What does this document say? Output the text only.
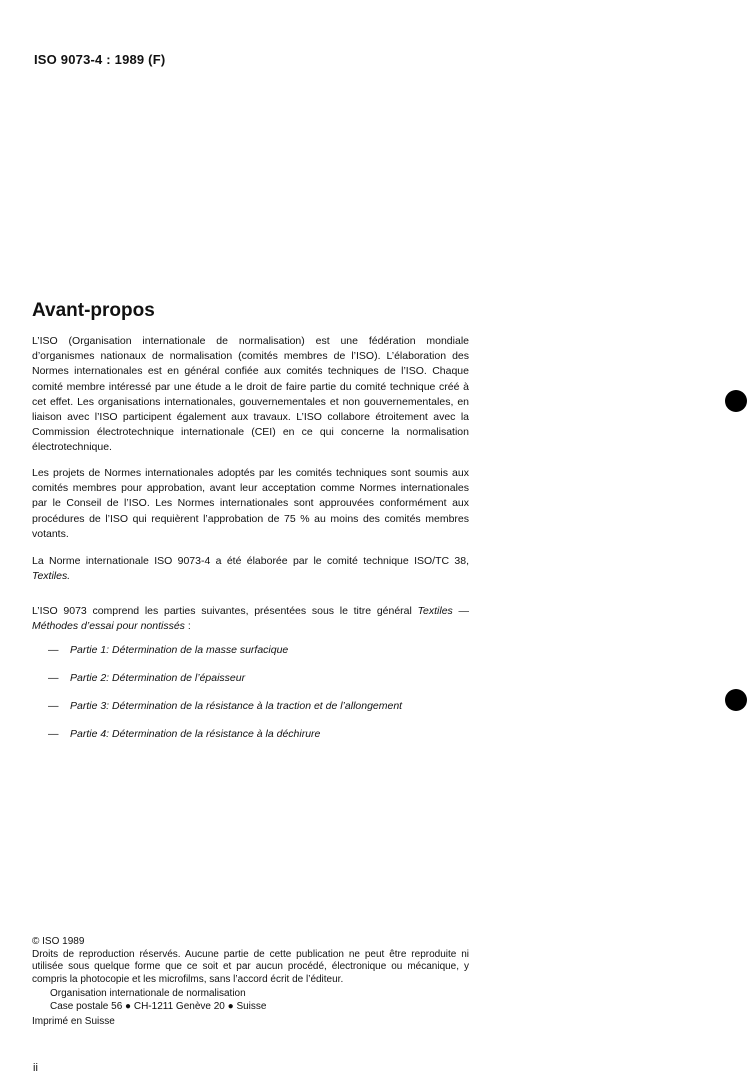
ISO 9073-4 : 1989 (F)
Avant-propos

L’ISO (Organisation internationale de normalisation) est une fédération mondiale d’organismes nationaux de normalisation (comités membres de l’ISO). L’élaboration des Normes internationales est en général confiée aux comités techniques de l’ISO. Chaque comité membre intéressé par une étude a le droit de faire partie du comité technique créé à cet effet. Les organisations internationales, gouvernementales et non gouvernementales, en liaison avec l’ISO participent également aux travaux. L’ISO collabore étroitement avec la Commission électrotechnique internationale (CEI) en ce qui concerne la normalisation électrotechnique.

Les projets de Normes internationales adoptés par les comités techniques sont soumis aux comités membres pour approbation, avant leur acceptation comme Normes internationales par le Conseil de l’ISO. Les Normes internationales sont approuvées conformément aux procédures de l’ISO qui requièrent l’approbation de 75 % au moins des comités membres votants.

La Norme internationale ISO 9073-4 a été élaborée par le comité technique ISO/TC 38, Textiles.

L’ISO 9073 comprend les parties suivantes, présentées sous le titre général Textiles — Méthodes d’essai pour nontissés :

—	Partie 1: Détermination de la masse surfacique
—	Partie 2: Détermination de l’épaisseur
—	Partie 3: Détermination de la résistance à la traction et de l’allongement
—	Partie 4: Détermination de la résistance à la déchirure

© ISO 1989

Droits de reproduction réservés. Aucune partie de cette publication ne peut être reproduite ni utilisée sous quelque forme que ce soit et par aucun procédé, électronique ou mécanique, y compris la photocopie et les microfilms, sans l’accord écrit de l’éditeur.

Organisation internationale de normalisation

Case postale 56 ● CH-1211 Genève 20 ● Suisse

Imprimé en Suisse

ii
